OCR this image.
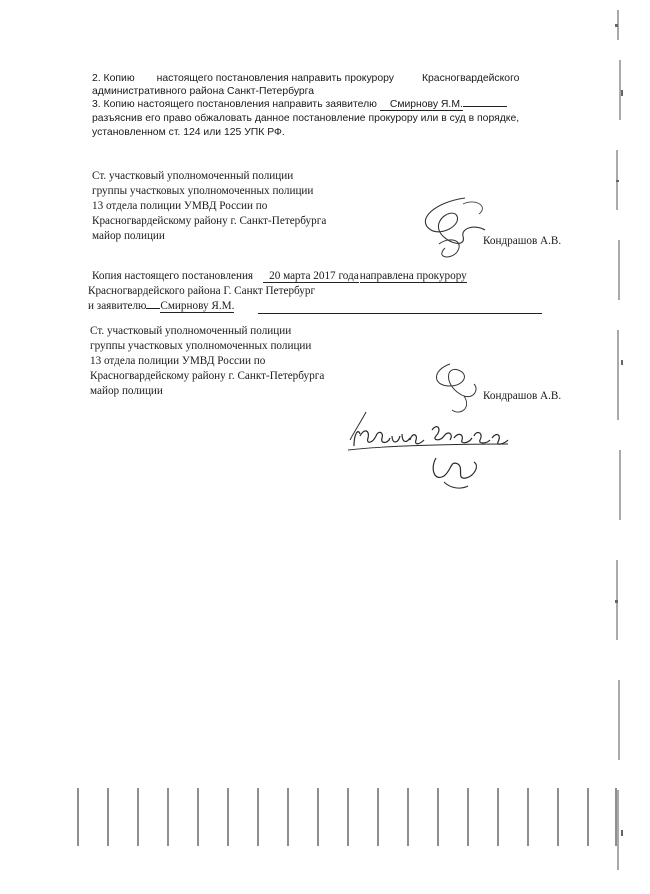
2. Копию настоящего постановления направить прокурору	Красногвардейского
административного района Санкт-Петербурга
3. Копию настоящего постановления направить заявителю Смирнову Я.М.
разъяснив его право обжаловать данное постановление прокурору или в суд в порядке,
установленном ст. 124 или 125 УПК РФ.
Ст. участковый уполномоченный полиции
группы участковых уполномоченных полиции
13 отдела полиции УМВД России по
Красногвардейскому району г. Санкт-Петербурга
майор полиции	Кондрашов А.В.
Копия настоящего постановления 20 марта 2017 годанаправлена прокурору
Красногвардейского района Г. Санкт Петербург
и заявителю Смирнову Я.М.
Ст. участковый уполномоченный полиции
группы участковых уполномоченных полиции
13 отдела полиции УМВД России по
Красногвардейскому району г. Санкт-Петербурга
майор полиции	Кондрашов А.В.
